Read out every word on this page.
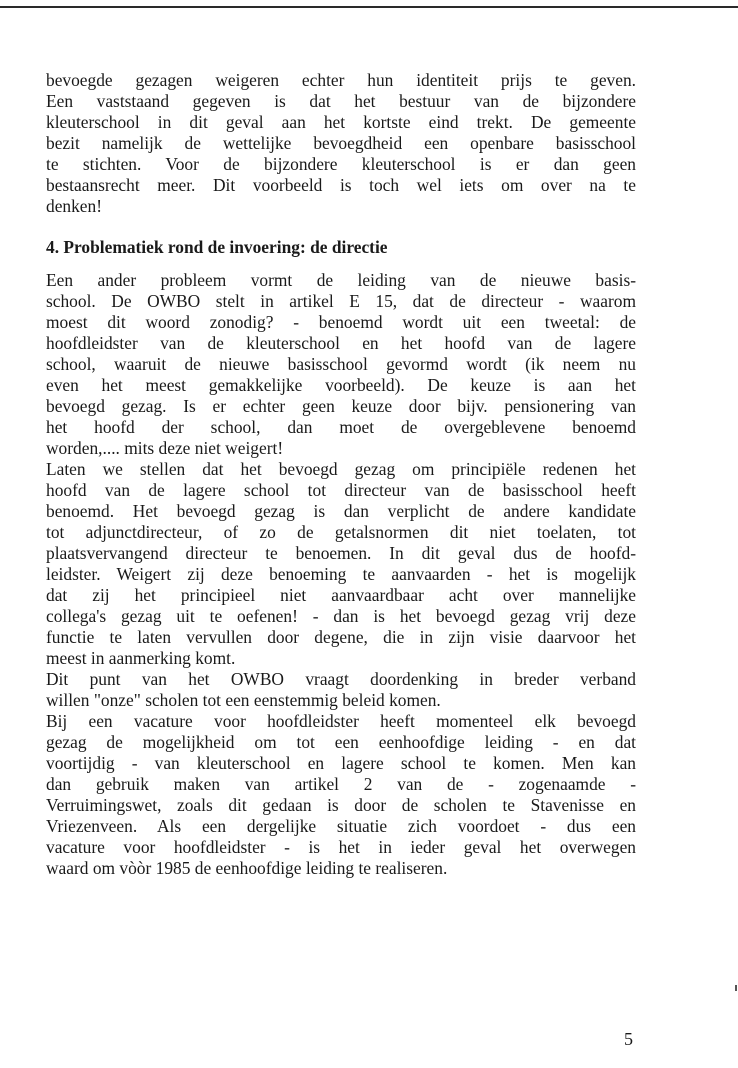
bevoegde gezagen weigeren echter hun identiteit prijs te geven.
Een vaststaand gegeven is dat het bestuur van de bijzondere
kleuterschool in dit geval aan het kortste eind trekt. De gemeente
bezit namelijk de wettelijke bevoegdheid een openbare basisschool
te stichten. Voor de bijzondere kleuterschool is er dan geen
bestaansrecht meer. Dit voorbeeld is toch wel iets om over na te
denken!
4. Problematiek rond de invoering: de directie
Een ander probleem vormt de leiding van de nieuwe basis-
school. De OWBO stelt in artikel E 15, dat de directeur - waarom
moest dit woord zonodig? - benoemd wordt uit een tweetal: de
hoofdleidster van de kleuterschool en het hoofd van de lagere
school, waaruit de nieuwe basisschool gevormd wordt (ik neem nu
even het meest gemakkelijke voorbeeld). De keuze is aan het
bevoegd gezag. Is er echter geen keuze door bijv. pensionering van
het hoofd der school, dan moet de overgeblevene benoemd
worden,.... mits deze niet weigert!
Laten we stellen dat het bevoegd gezag om principiële redenen het
hoofd van de lagere school tot directeur van de basisschool heeft
benoemd. Het bevoegd gezag is dan verplicht de andere kandidate
tot adjunctdirecteur, of zo de getalsnormen dit niet toelaten, tot
plaatsvervangend directeur te benoemen. In dit geval dus de hoofd-
leidster. Weigert zij deze benoeming te aanvaarden - het is mogelijk
dat zij het principieel niet aanvaardbaar acht over mannelijke
collega's gezag uit te oefenen! - dan is het bevoegd gezag vrij deze
functie te laten vervullen door degene, die in zijn visie daarvoor het
meest in aanmerking komt.
Dit punt van het OWBO vraagt doordenking in breder verband
willen "onze" scholen tot een eenstemmig beleid komen.
Bij een vacature voor hoofdleidster heeft momenteel elk bevoegd
gezag de mogelijkheid om tot een eenhoofdige leiding - en dat
voortijdig - van kleuterschool en lagere school te komen. Men kan
dan gebruik maken van artikel 2 van de - zogenaamde -
Verruimingswet, zoals dit gedaan is door de scholen te Stavenisse en
Vriezenveen. Als een dergelijke situatie zich voordoet - dus een
vacature voor hoofdleidster - is het in ieder geval het overwegen
waard om vòòr 1985 de eenhoofdige leiding te realiseren.
5
